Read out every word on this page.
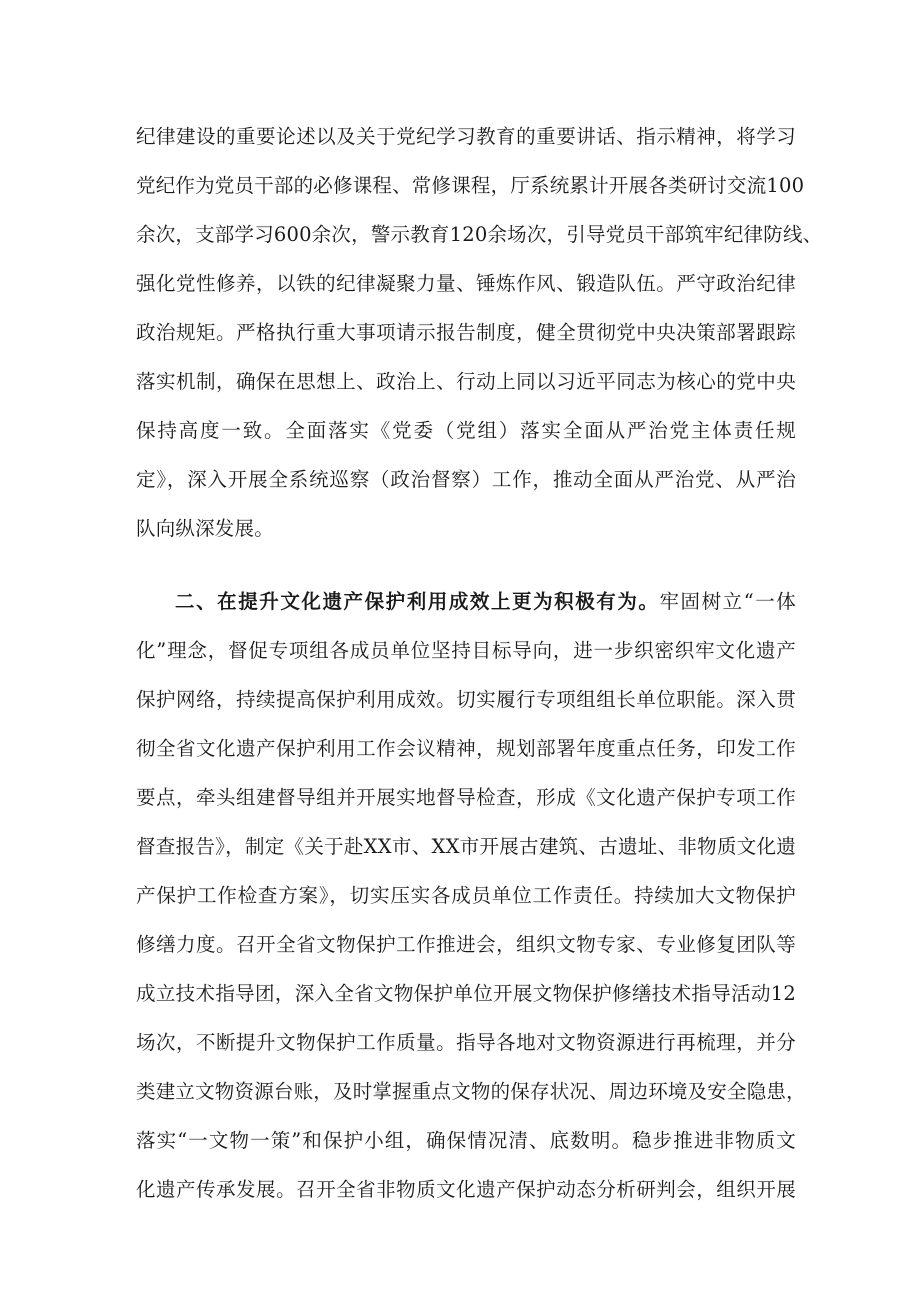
纪律建设的重要论述以及关于党纪学习教育的重要讲话、指示精神，将学习
党纪作为党员干部的必修课程、常修课程，厅系统累计开展各类研讨交流100
余次，支部学习600余次，警示教育120余场次，引导党员干部筑牢纪律防线、
强化党性修养，以铁的纪律凝聚力量、锤炼作风、锻造队伍。严守政治纪律
政治规矩。严格执行重大事项请示报告制度，健全贯彻党中央决策部署跟踪
落实机制，确保在思想上、政治上、行动上同以习近平同志为核心的党中央
保持高度一致。全面落实《党委（党组）落实全面从严治党主体责任规
定》，深入开展全系统巡察（政治督察）工作，推动全面从严治党、从严治
队向纵深发展。
二、在提升文化遗产保护利用成效上更为积极有为。牢固树立“一体
化”理念，督促专项组各成员单位坚持目标导向，进一步织密织牢文化遗产
保护网络，持续提高保护利用成效。切实履行专项组组长单位职能。深入贯
彻全省文化遗产保护利用工作会议精神，规划部署年度重点任务，印发工作
要点，牵头组建督导组并开展实地督导检查，形成《文化遗产保护专项工作
督查报告》，制定《关于赴XX市、XX市开展古建筑、古遗址、非物质文化遗
产保护工作检查方案》，切实压实各成员单位工作责任。持续加大文物保护
修缮力度。召开全省文物保护工作推进会，组织文物专家、专业修复团队等
成立技术指导团，深入全省文物保护单位开展文物保护修缮技术指导活动12
场次，不断提升文物保护工作质量。指导各地对文物资源进行再梳理，并分
类建立文物资源台账，及时掌握重点文物的保存状况、周边环境及安全隐患，
落实“一文物一策”和保护小组，确保情况清、底数明。稳步推进非物质文
化遗产传承发展。召开全省非物质文化遗产保护动态分析研判会，组织开展
